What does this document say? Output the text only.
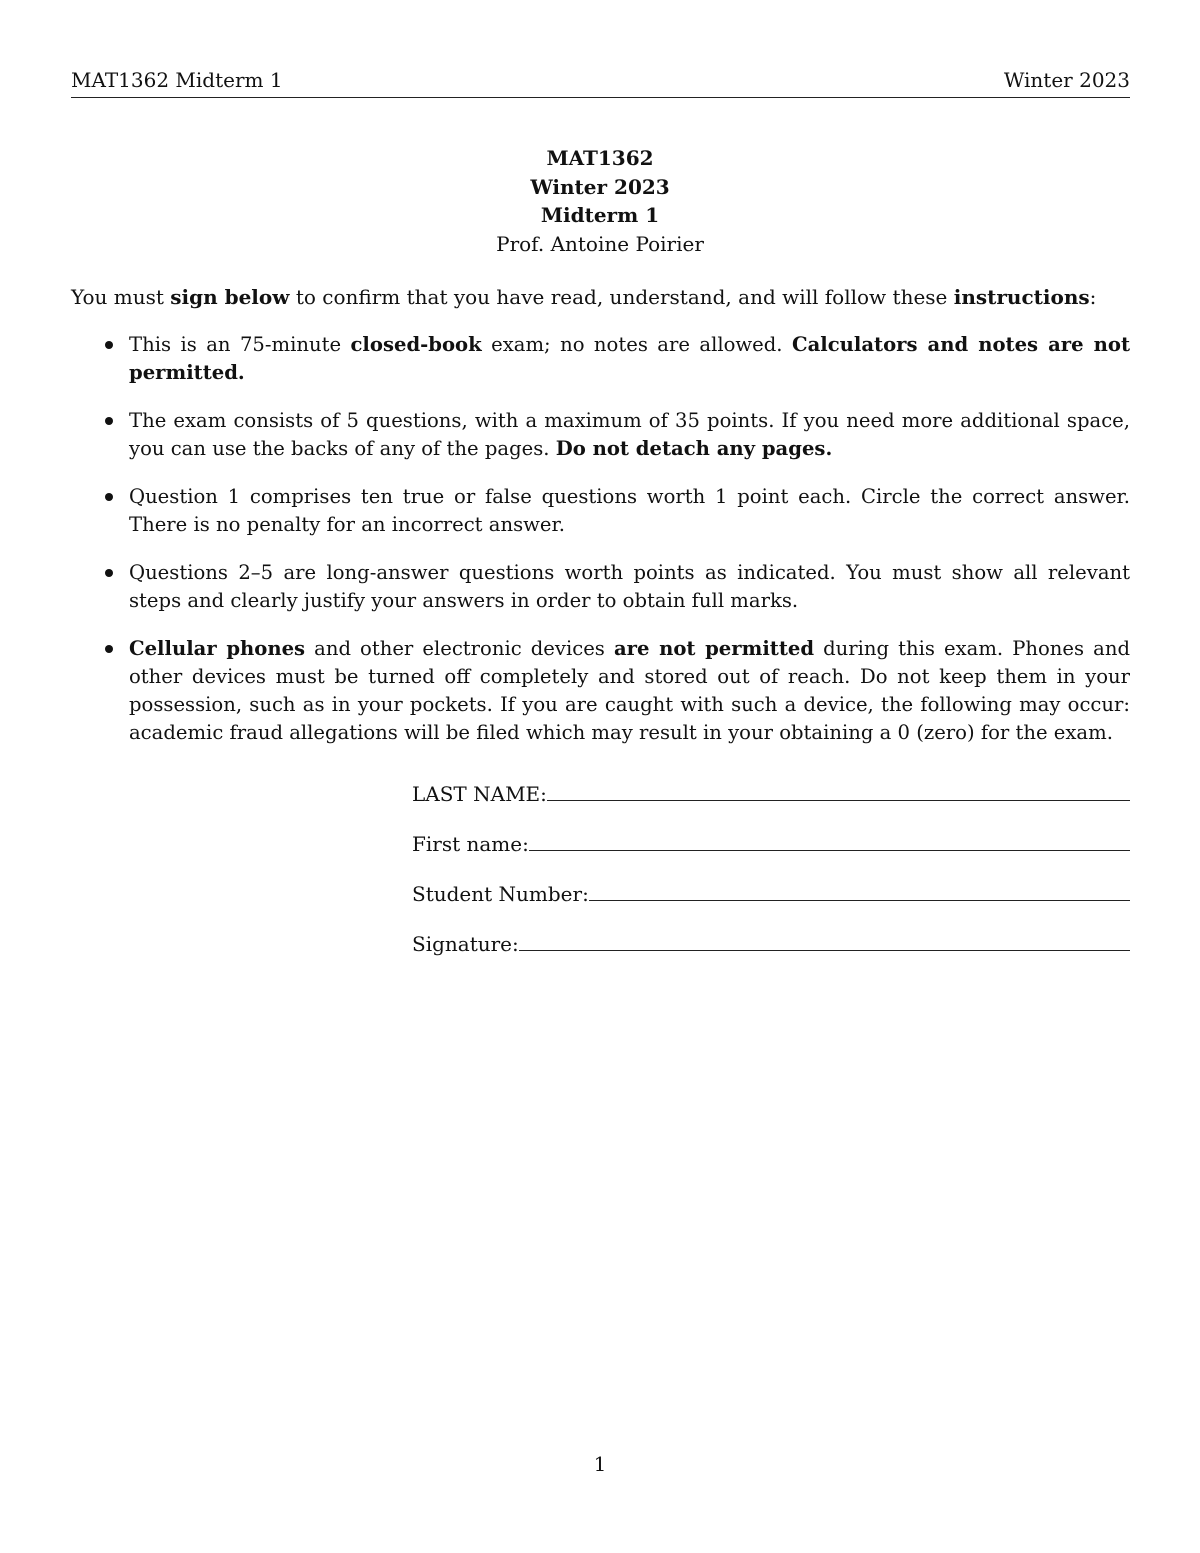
MAT1362 Midterm 1	Winter 2023
MAT1362
Winter 2023
Midterm 1
Prof. Antoine Poirier
You must sign below to confirm that you have read, understand, and will follow these instructions:
This is an 75-minute closed-book exam; no notes are allowed. Calculators and notes are not permitted.
The exam consists of 5 questions, with a maximum of 35 points. If you need more additional space, you can use the backs of any of the pages. Do not detach any pages.
Question 1 comprises ten true or false questions worth 1 point each. Circle the correct answer. There is no penalty for an incorrect answer.
Questions 2–5 are long-answer questions worth points as indicated. You must show all relevant steps and clearly justify your answers in order to obtain full marks.
Cellular phones and other electronic devices are not permitted during this exam. Phones and other devices must be turned off completely and stored out of reach. Do not keep them in your possession, such as in your pockets. If you are caught with such a device, the following may occur: academic fraud allegations will be filed which may result in your obtaining a 0 (zero) for the exam.
LAST NAME:
First name:
Student Number:
Signature:
1
